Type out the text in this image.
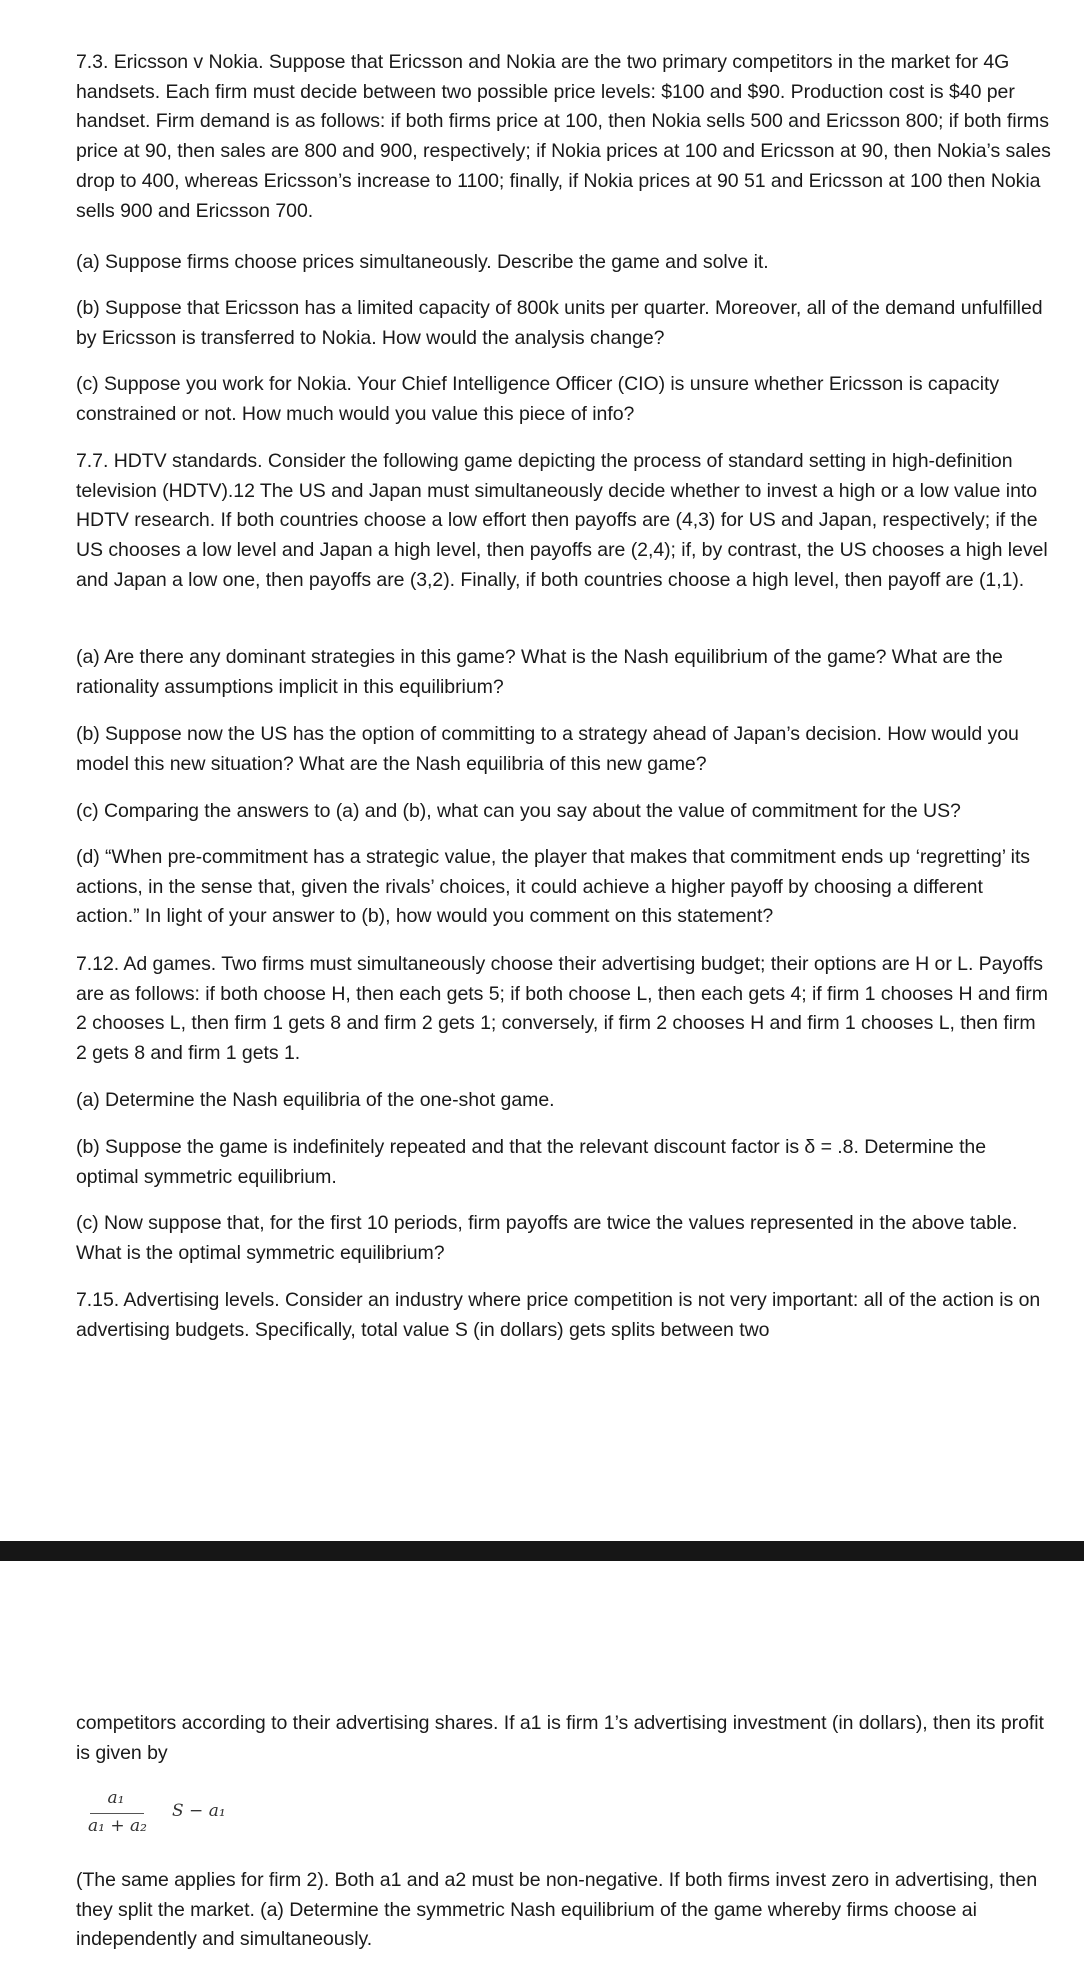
7.3. Ericsson v Nokia. Suppose that Ericsson and Nokia are the two primary competitors in the market for 4G handsets. Each firm must decide between two possible price levels: $100 and $90. Production cost is $40 per handset. Firm demand is as follows: if both firms price at 100, then Nokia sells 500 and Ericsson 800; if both firms price at 90, then sales are 800 and 900, respectively; if Nokia prices at 100 and Ericsson at 90, then Nokia’s sales drop to 400, whereas Ericsson’s increase to 1100; finally, if Nokia prices at 90 51 and Ericsson at 100 then Nokia sells 900 and Ericsson 700.

(a) Suppose firms choose prices simultaneously. Describe the game and solve it.

(b) Suppose that Ericsson has a limited capacity of 800k units per quarter. Moreover, all of the demand unfulfilled by Ericsson is transferred to Nokia. How would the analysis change?

(c) Suppose you work for Nokia. Your Chief Intelligence Officer (CIO) is unsure whether Ericsson is capacity constrained or not. How much would you value this piece of info?

7.7. HDTV standards. Consider the following game depicting the process of standard setting in high-definition television (HDTV).12 The US and Japan must simultaneously decide whether to invest a high or a low value into HDTV research. If both countries choose a low effort then payoffs are (4,3) for US and Japan, respectively; if the US chooses a low level and Japan a high level, then payoffs are (2,4); if, by contrast, the US chooses a high level and Japan a low one, then payoffs are (3,2). Finally, if both countries choose a high level, then payoff are (1,1).

(a) Are there any dominant strategies in this game? What is the Nash equilibrium of the game? What are the rationality assumptions implicit in this equilibrium?

(b) Suppose now the US has the option of committing to a strategy ahead of Japan’s decision. How would you model this new situation? What are the Nash equilibria of this new game?

(c) Comparing the answers to (a) and (b), what can you say about the value of commitment for the US?

(d) “When pre-commitment has a strategic value, the player that makes that commitment ends up ‘regretting’ its actions, in the sense that, given the rivals’ choices, it could achieve a higher payoff by choosing a different action.” In light of your answer to (b), how would you comment on this statement?

7.12. Ad games. Two firms must simultaneously choose their advertising budget; their options are H or L. Payoffs are as follows: if both choose H, then each gets 5; if both choose L, then each gets 4; if firm 1 chooses H and firm 2 chooses L, then firm 1 gets 8 and firm 2 gets 1; conversely, if firm 2 chooses H and firm 1 chooses L, then firm 2 gets 8 and firm 1 gets 1.

(a) Determine the Nash equilibria of the one-shot game.

(b) Suppose the game is indefinitely repeated and that the relevant discount factor is δ = .8. Determine the optimal symmetric equilibrium.

(c) Now suppose that, for the first 10 periods, firm payoffs are twice the values represented in the above table. What is the optimal symmetric equilibrium?

7.15. Advertising levels. Consider an industry where price competition is not very important: all of the action is on advertising budgets. Specifically, total value S (in dollars) gets splits between two

competitors according to their advertising shares. If a1 is firm 1’s advertising investment (in dollars), then its profit is given by

a₁
a₁ + a₂
S − a₁

(The same applies for firm 2). Both a1 and a2 must be non-negative. If both firms invest zero in advertising, then they split the market. (a) Determine the symmetric Nash equilibrium of the game whereby firms choose ai independently and simultaneously.
